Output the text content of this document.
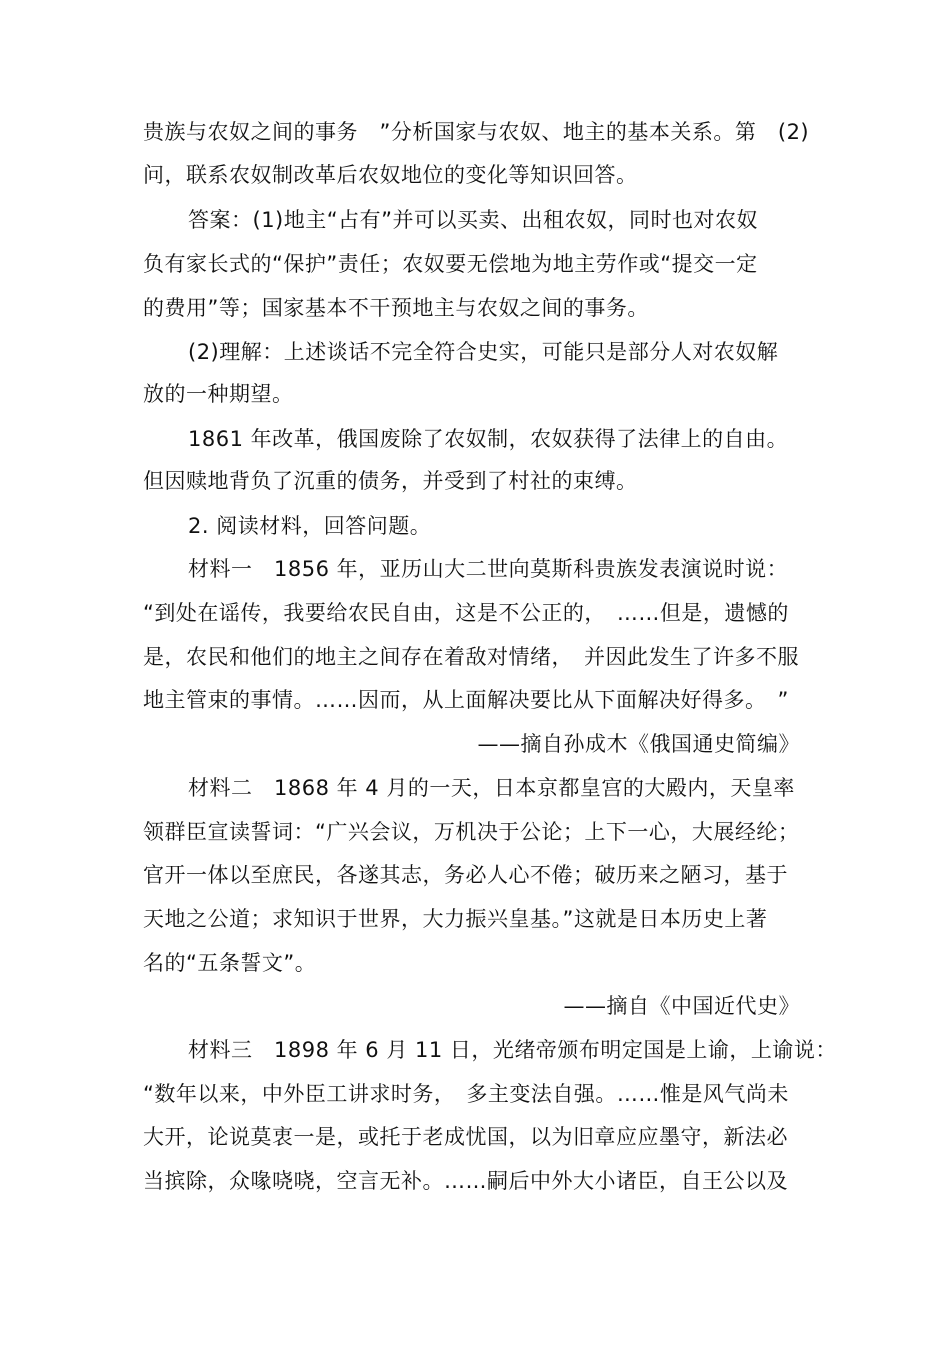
贵族与农奴之间的事务　”分析国家与农奴、地主的基本关系。第　(2)
问，联系农奴制改革后农奴地位的变化等知识回答。
答案：(1)地主“占有”并可以买卖、出租农奴，同时也对农奴
负有家长式的“保护”责任；农奴要无偿地为地主劳作或“提交一定
的费用”等；国家基本不干预地主与农奴之间的事务。
(2)理解：上述谈话不完全符合史实，可能只是部分人对农奴解
放的一种期望。
1861 年改革，俄国废除了农奴制，农奴获得了法律上的自由。
但因赎地背负了沉重的债务，并受到了村社的束缚。
2. 阅读材料，回答问题。
材料一　1856 年，亚历山大二世向莫斯科贵族发表演说时说：
“到处在谣传，我要给农民自由，这是不公正的，　……但是，遗憾的
是，农民和他们的地主之间存在着敌对情绪，　并因此发生了许多不服
地主管束的事情。……因而，从上面解决要比从下面解决好得多。　”
——摘自孙成木《俄国通史简编》
材料二　1868 年 4 月的一天，日本京都皇宫的大殿内，天皇率
领群臣宣读誓词：“广兴会议，万机决于公论；上下一心，大展经纶；
官开一体以至庶民，各遂其志，务必人心不倦；破历来之陋习，基于
天地之公道；求知识于世界，大力振兴皇基。”这就是日本历史上著
名的“五条誓文”。
——摘自《中国近代史》
材料三　1898 年 6 月 11 日，光绪帝颁布明定国是上谕，上谕说：
“数年以来，中外臣工讲求时务，　多主变法自强。……惟是风气尚未
大开，论说莫衷一是，或托于老成忧国，以为旧章应应墨守，新法必
当摈除，众喙哓哓，空言无补。……嗣后中外大小诸臣，自王公以及
